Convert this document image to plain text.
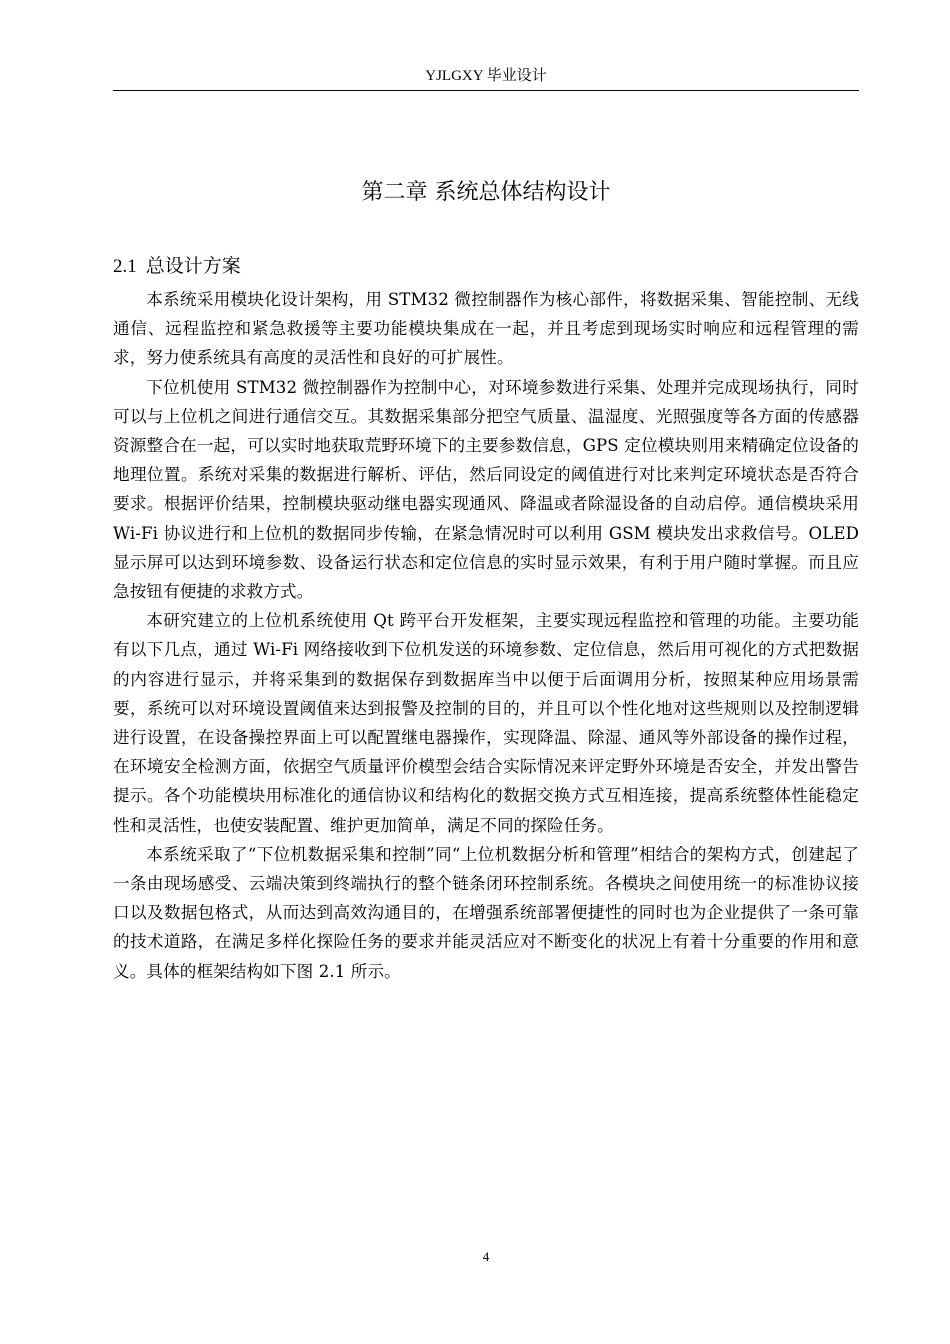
YJLGXY 毕业设计
第二章 系统总体结构设计
2.1 总设计方案

本系统采用模块化设计架构，用 STM32 微控制器作为核心部件，将数据采集、智能控制、无线通信、远程监控和紧急救援等主要功能模块集成在一起，并且考虑到现场实时响应和远程管理的需求，努力使系统具有高度的灵活性和良好的可扩展性。

下位机使用 STM32 微控制器作为控制中心，对环境参数进行采集、处理并完成现场执行，同时可以与上位机之间进行通信交互。其数据采集部分把空气质量、温湿度、光照强度等各方面的传感器资源整合在一起，可以实时地获取荒野环境下的主要参数信息，GPS 定位模块则用来精确定位设备的地理位置。系统对采集的数据进行解析、评估，然后同设定的阈值进行对比来判定环境状态是否符合要求。根据评价结果，控制模块驱动继电器实现通风、降温或者除湿设备的自动启停。通信模块采用 Wi-Fi 协议进行和上位机的数据同步传输，在紧急情况时可以利用 GSM 模块发出求救信号。OLED 显示屏可以达到环境参数、设备运行状态和定位信息的实时显示效果，有利于用户随时掌握。而且应急按钮有便捷的求救方式。

本研究建立的上位机系统使用 Qt 跨平台开发框架，主要实现远程监控和管理的功能。主要功能有以下几点，通过 Wi-Fi 网络接收到下位机发送的环境参数、定位信息，然后用可视化的方式把数据的内容进行显示，并将采集到的数据保存到数据库当中以便于后面调用分析，按照某种应用场景需要，系统可以对环境设置阈值来达到报警及控制的目的，并且可以个性化地对这些规则以及控制逻辑进行设置，在设备操控界面上可以配置继电器操作，实现降温、除湿、通风等外部设备的操作过程，在环境安全检测方面，依据空气质量评价模型会结合实际情况来评定野外环境是否安全，并发出警告提示。各个功能模块用标准化的通信协议和结构化的数据交换方式互相连接，提高系统整体性能稳定性和灵活性，也使安装配置、维护更加简单，满足不同的探险任务。

本系统采取了“下位机数据采集和控制”同“上位机数据分析和管理”相结合的架构方式，创建起了一条由现场感受、云端决策到终端执行的整个链条闭环控制系统。各模块之间使用统一的标准协议接口以及数据包格式，从而达到高效沟通目的，在增强系统部署便捷性的同时也为企业提供了一条可靠的技术道路，在满足多样化探险任务的要求并能灵活应对不断变化的状况上有着十分重要的作用和意义。具体的框架结构如下图 2.1 所示。

4
